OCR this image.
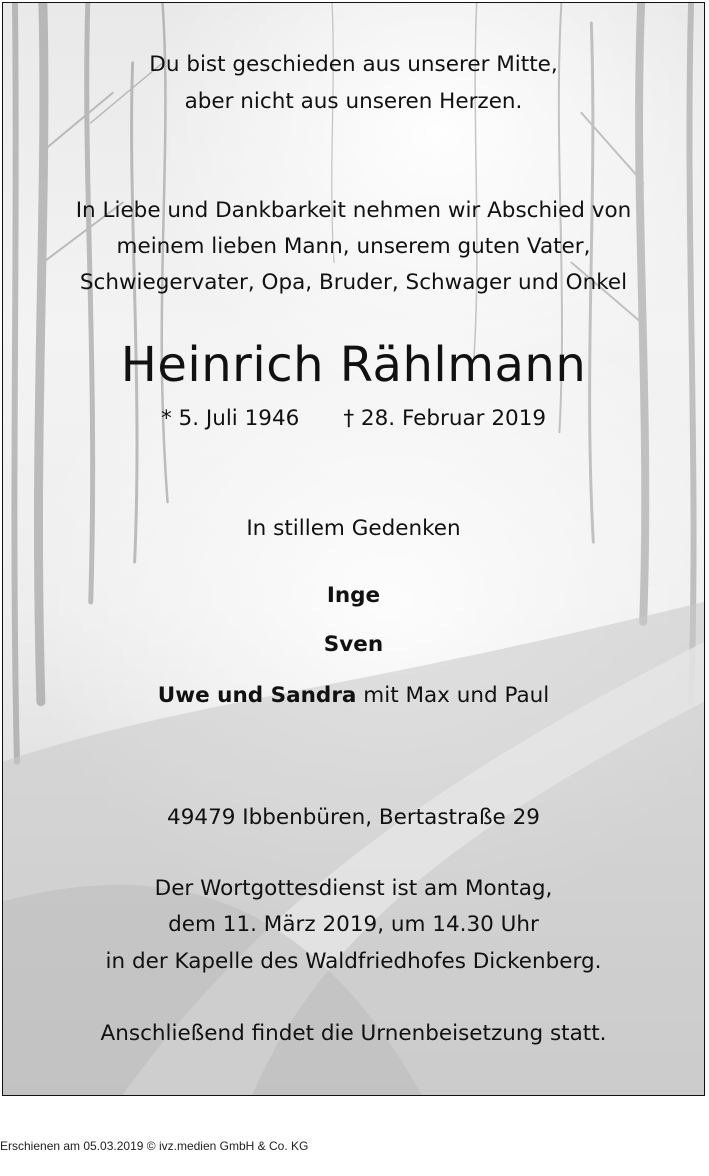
Du bist geschieden aus unserer Mitte,
aber nicht aus unseren Herzen.
In Liebe und Dankbarkeit nehmen wir Abschied von
meinem lieben Mann, unserem guten Vater,
Schwiegervater, Opa, Bruder, Schwager und Onkel
Heinrich Rählmann
* 5. Juli 1946 † 28. Februar 2019
In stillem Gedenken
Inge
Sven
Uwe und Sandra mit Max und Paul
49479 Ibbenbüren, Bertastraße 29
Der Wortgottesdienst ist am Montag,
dem 11. März 2019, um 14.30 Uhr
in der Kapelle des Waldfriedhofes Dickenberg.
Anschließend findet die Urnenbeisetzung statt.
Erschienen am 05.03.2019 © ivz.medien GmbH & Co. KG
